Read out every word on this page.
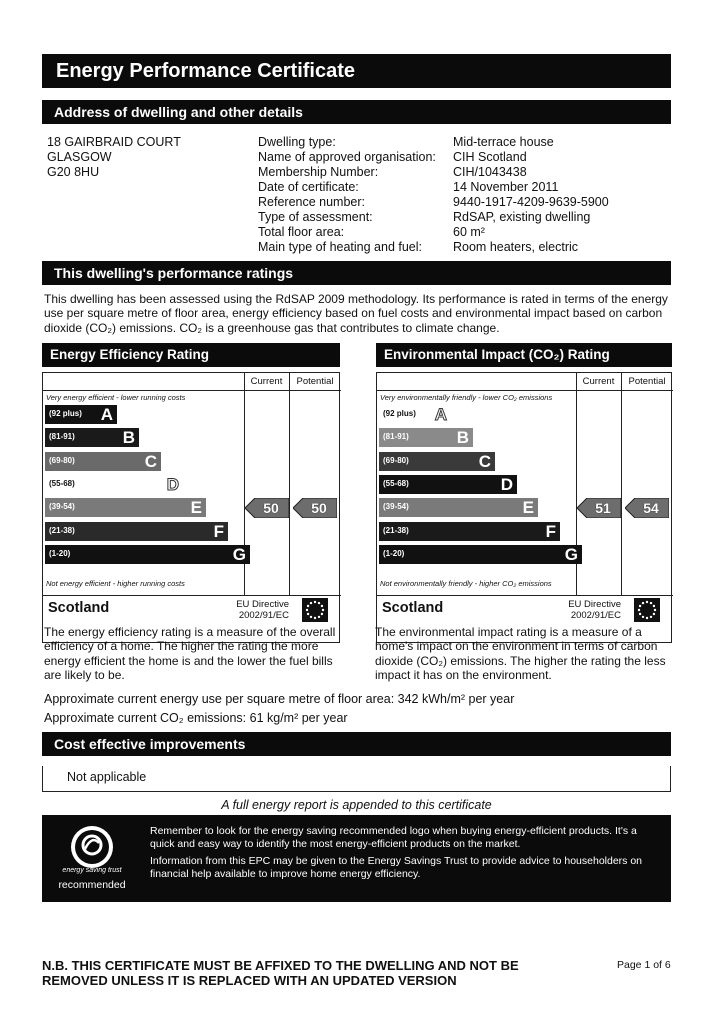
Energy Performance Certificate
Address of dwelling and other details
18 GAIRBRAID COURT
GLASGOW
G20 8HU
Dwelling type:	Mid-terrace house
Name of approved organisation: CIH Scotland
Membership Number:	CIH/1043438
Date of certificate:	14 November 2011
Reference number:	9440-1917-4209-9639-5900
Type of assessment:	RdSAP, existing dwelling
Total floor area:	60 m²
Main type of heating and fuel: Room heaters, electric
This dwelling's performance ratings
This dwelling has been assessed using the RdSAP 2009 methodology. Its performance is rated in terms of the energy use per square metre of floor area, energy efficiency based on fuel costs and environmental impact based on carbon dioxide (CO₂) emissions. CO₂ is a greenhouse gas that contributes to climate change.
Energy Efficiency Rating
Current	Potential
Very energy efficient - lower running costs
Not energy efficient - higher running costs
(92 plus) A
(81-91)	B
(69-80)	C
(55-68)	D
(39-54)	E
(21-38)	F
(1-20)	G
50	50
Scotland	EU Directive
2002/91/EC
Environmental Impact (CO₂) Rating
Current	Potential
Very environmentally friendly - lower CO₂ emissions
Not environmentally friendly - higher CO₂ emissions
(92 plus) A
(81-91)	B
(69-80)	C
(55-68)	D
(39-54)	E
(21-38)	F
(1-20)	G
51	54
Scotland	EU Directive
2002/91/EC
The energy efficiency rating is a measure of the overall efficiency of a home. The higher the rating the more energy efficient the home is and the lower the fuel bills are likely to be.
The environmental impact rating is a measure of a home's impact on the environment in terms of carbon dioxide (CO₂) emissions. The higher the rating the less impact it has on the environment.
Approximate current energy use per square metre of floor area: 342 kWh/m² per year
Approximate current CO₂ emissions: 61 kg/m² per year
Cost effective improvements
Not applicable
A full energy report is appended to this certificate
energy saving trust
recommended
Remember to look for the energy saving recommended logo when buying energy-efficient products. It's a quick and easy way to identify the most energy-efficient products on the market.
Information from this EPC may be given to the Energy Savings Trust to provide advice to householders on financial help available to improve home energy efficiency.
N.B. THIS CERTIFICATE MUST BE AFFIXED TO THE DWELLING AND NOT BE REMOVED UNLESS IT IS REPLACED WITH AN UPDATED VERSION
Page 1 of 6
